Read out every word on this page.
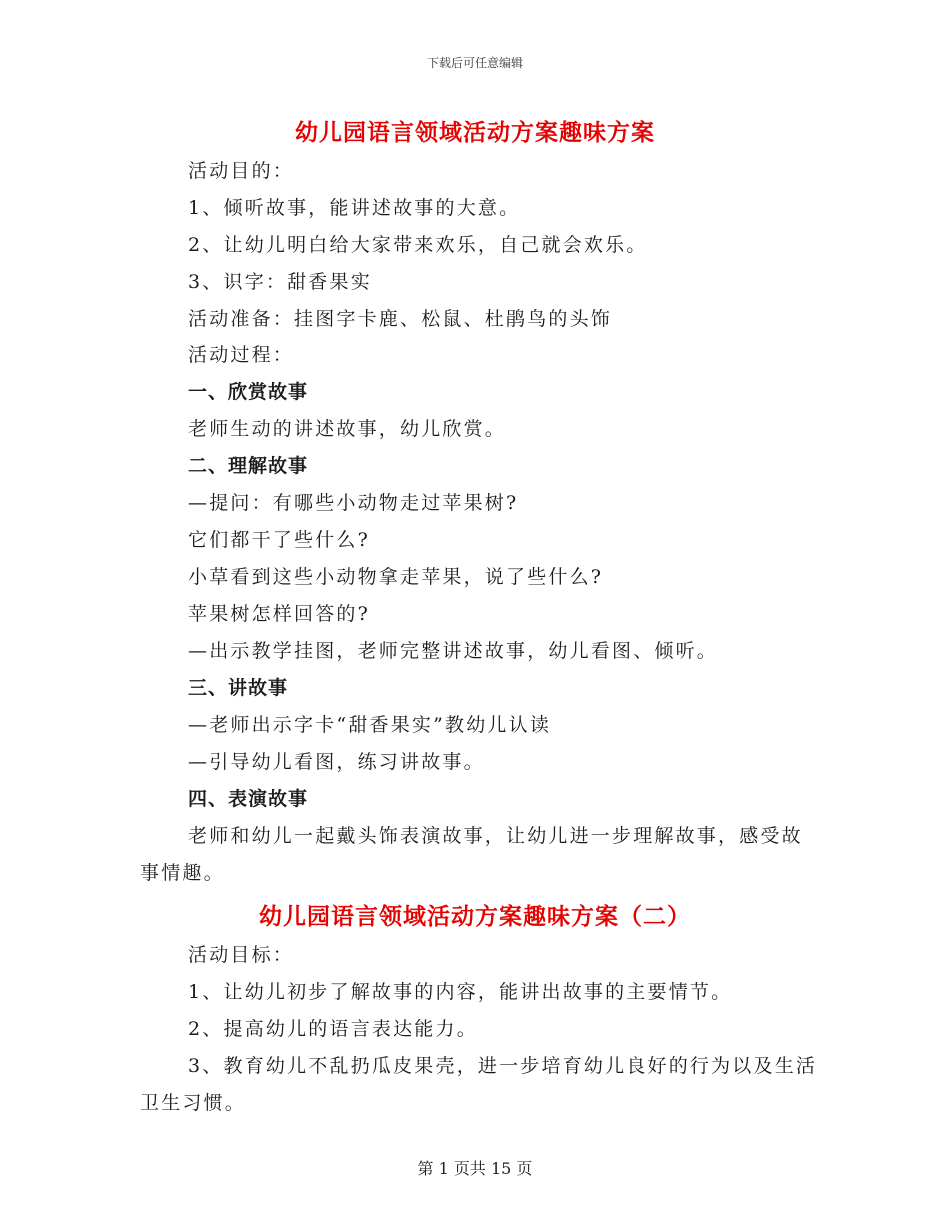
下载后可任意编辑
幼儿园语言领域活动方案趣味方案
活动目的：
1、倾听故事，能讲述故事的大意。
2、让幼儿明白给大家带来欢乐，自己就会欢乐。
3、识字：甜香果实
活动准备：挂图字卡鹿、松鼠、杜鹃鸟的头饰
活动过程：
一、欣赏故事
老师生动的讲述故事，幼儿欣赏。
二、理解故事
—提问：有哪些小动物走过苹果树?
它们都干了些什么?
小草看到这些小动物拿走苹果，说了些什么?
苹果树怎样回答的?
—出示教学挂图，老师完整讲述故事，幼儿看图、倾听。
三、讲故事
—老师出示字卡“甜香果实”教幼儿认读
—引导幼儿看图，练习讲故事。
四、表演故事
老师和幼儿一起戴头饰表演故事，让幼儿进一步理解故事，感受故事情趣。
幼儿园语言领域活动方案趣味方案（二）
活动目标：
1、让幼儿初步了解故事的内容，能讲出故事的主要情节。
2、提高幼儿的语言表达能力。
3、教育幼儿不乱扔瓜皮果壳，进一步培育幼儿良好的行为以及生活卫生习惯。
第 1 页共 15 页
